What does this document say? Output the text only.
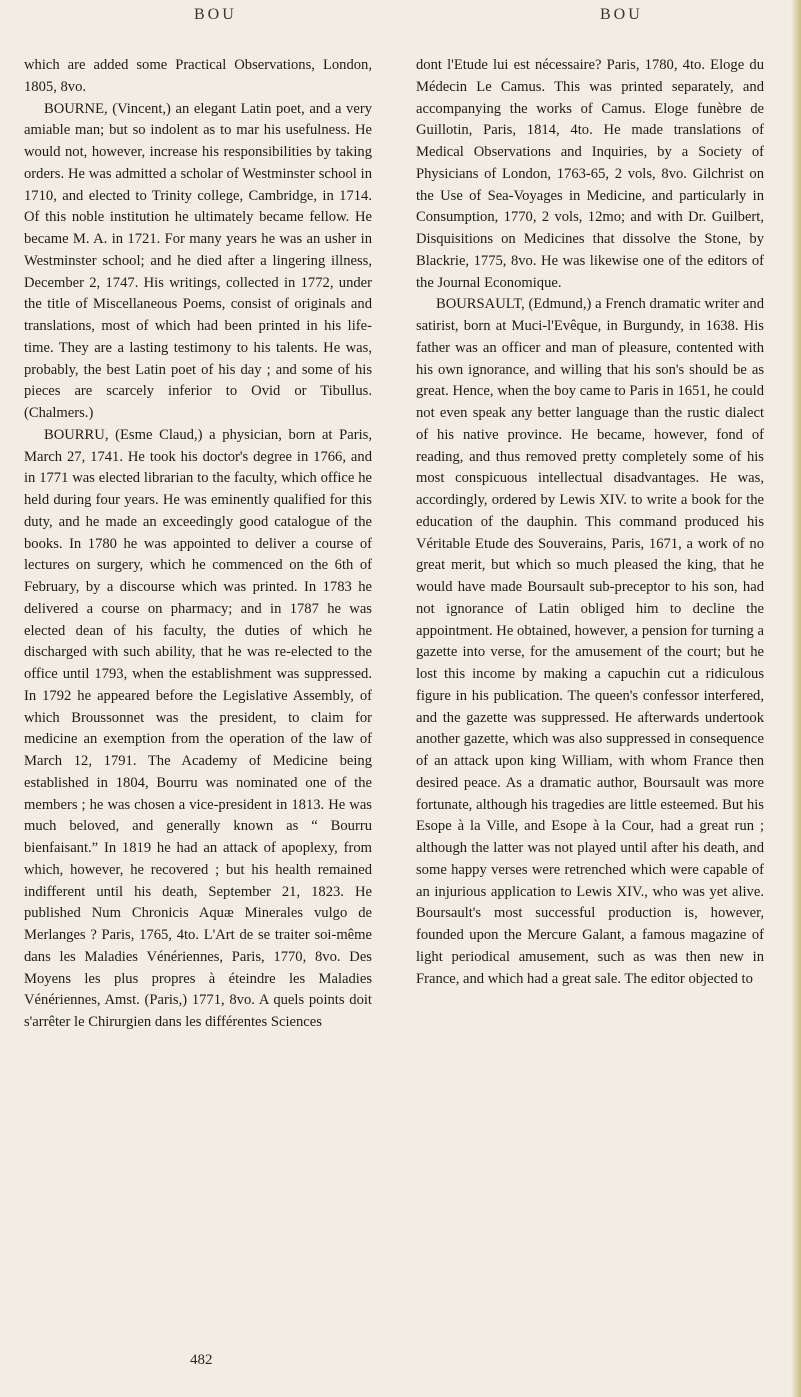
BOU	BOU

which are added some Practical Observations, London, 1805, 8vo.

BOURNE, (Vincent,) an elegant Latin poet, and a very amiable man; but so indolent as to mar his usefulness. He would not, however, increase his responsibilities by taking orders. He was admitted a scholar of Westminster school in 1710, and elected to Trinity college, Cambridge, in 1714. Of this noble institution he ultimately became fellow. He became M. A. in 1721. For many years he was an usher in Westminster school; and he died after a lingering illness, December 2, 1747. His writings, collected in 1772, under the title of Miscellaneous Poems, consist of originals and translations, most of which had been printed in his life-time. They are a lasting testimony to his talents. He was, probably, the best Latin poet of his day ; and some of his pieces are scarcely inferior to Ovid or Tibullus. (Chalmers.)

BOURRU, (Esme Claud,) a physician, born at Paris, March 27, 1741. He took his doctor's degree in 1766, and in 1771 was elected librarian to the faculty, which office he held during four years. He was eminently qualified for this duty, and he made an exceedingly good catalogue of the books. In 1780 he was appointed to deliver a course of lectures on surgery, which he commenced on the 6th of February, by a discourse which was printed. In 1783 he delivered a course on pharmacy; and in 1787 he was elected dean of his faculty, the duties of which he discharged with such ability, that he was re-elected to the office until 1793, when the establishment was suppressed. In 1792 he appeared before the Legislative Assembly, of which Broussonnet was the president, to claim for medicine an exemption from the operation of the law of March 12, 1791. The Academy of Medicine being established in 1804, Bourru was nominated one of the members ; he was chosen a vice-president in 1813. He was much beloved, and generally known as “ Bourru bienfaisant.” In 1819 he had an attack of apoplexy, from which, however, he recovered ; but his health remained indifferent until his death, September 21, 1823. He published Num Chronicis Aquæ Minerales vulgo de Merlanges ? Paris, 1765, 4to. L'Art de se traiter soi-même dans les Maladies Vénériennes, Paris, 1770, 8vo. Des Moyens les plus propres à éteindre les Maladies Vénériennes, Amst. (Paris,) 1771, 8vo. A quels points doit s'arrêter le Chirurgien dans les différentes Sciences

dont l'Etude lui est nécessaire? Paris, 1780, 4to. Eloge du Médecin Le Camus. This was printed separately, and accompanying the works of Camus. Eloge funèbre de Guillotin, Paris, 1814, 4to. He made translations of Medical Observations and Inquiries, by a Society of Physicians of London, 1763-65, 2 vols, 8vo. Gilchrist on the Use of Sea-Voyages in Medicine, and particularly in Consumption, 1770, 2 vols, 12mo; and with Dr. Guilbert, Disquisitions on Medicines that dissolve the Stone, by Blackrie, 1775, 8vo. He was likewise one of the editors of the Journal Economique.

BOURSAULT, (Edmund,) a French dramatic writer and satirist, born at Muci-l'Evêque, in Burgundy, in 1638. His father was an officer and man of pleasure, contented with his own ignorance, and willing that his son's should be as great. Hence, when the boy came to Paris in 1651, he could not even speak any better language than the rustic dialect of his native province. He became, however, fond of reading, and thus removed pretty completely some of his most conspicuous intellectual disadvantages. He was, accordingly, ordered by Lewis XIV. to write a book for the education of the dauphin. This command produced his Véritable Etude des Souverains, Paris, 1671, a work of no great merit, but which so much pleased the king, that he would have made Boursault sub-preceptor to his son, had not ignorance of Latin obliged him to decline the appointment. He obtained, however, a pension for turning a gazette into verse, for the amusement of the court; but he lost this income by making a capuchin cut a ridiculous figure in his publication. The queen's confessor interfered, and the gazette was suppressed. He afterwards undertook another gazette, which was also suppressed in consequence of an attack upon king William, with whom France then desired peace. As a dramatic author, Boursault was more fortunate, although his tragedies are little esteemed. But his Esope à la Ville, and Esope à la Cour, had a great run ; although the latter was not played until after his death, and some happy verses were retrenched which were capable of an injurious application to Lewis XIV., who was yet alive. Boursault's most successful production is, however, founded upon the Mercure Galant, a famous magazine of light periodical amusement, such as was then new in France, and which had a great sale. The editor objected to

482
